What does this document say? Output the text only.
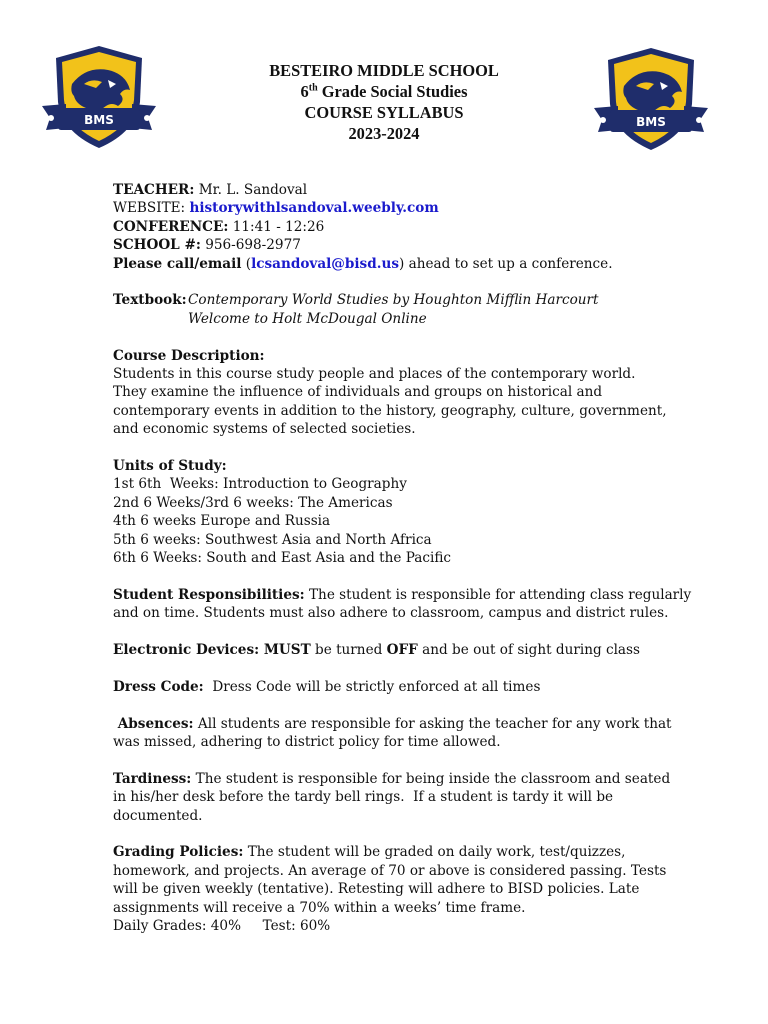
BMS	BMS
BESTEIRO MIDDLE SCHOOL
6th Grade Social Studies
COURSE SYLLABUS
2023-2024
TEACHER: Mr. L. Sandoval
WEBSITE: historywithlsandoval.weebly.com
CONFERENCE: 11:41 - 12:26
SCHOOL #: 956-698-2977
Please call/email (lcsandoval@bisd.us) ahead to set up a conference.
Textbook: Contemporary World Studies by Houghton Mifflin Harcourt
Welcome to Holt McDougal Online
Course Description:
Students in this course study people and places of the contemporary world.
They examine the influence of individuals and groups on historical and
contemporary events in addition to the history, geography, culture, government,
and economic systems of selected societies.
Units of Study:
1st 6th  Weeks: Introduction to Geography
2nd 6 Weeks/3rd 6 weeks: The Americas
4th 6 weeks Europe and Russia
5th 6 weeks: Southwest Asia and North Africa
6th 6 Weeks: South and East Asia and the Pacific
Student Responsibilities: The student is responsible for attending class regularly
and on time. Students must also adhere to classroom, campus and district rules.
Electronic Devices: MUST be turned OFF and be out of sight during class
Dress Code:  Dress Code will be strictly enforced at all times
Absences: All students are responsible for asking the teacher for any work that
was missed, adhering to district policy for time allowed.
Tardiness: The student is responsible for being inside the classroom and seated
in his/her desk before the tardy bell rings.  If a student is tardy it will be
documented.
Grading Policies: The student will be graded on daily work, test/quizzes,
homework, and projects. An average of 70 or above is considered passing. Tests
will be given weekly (tentative). Retesting will adhere to BISD policies. Late
assignments will receive a 70% within a weeks’ time frame.
Daily Grades: 40%     Test: 60%
